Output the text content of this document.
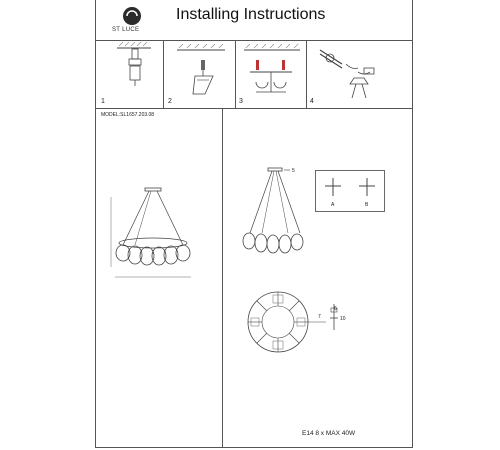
ST LUCE
Installing Instructions
1	2	3	4
MODEL:SL1657.203.08
5
A	B
6
10
7
E14 8 x MAX 40W
